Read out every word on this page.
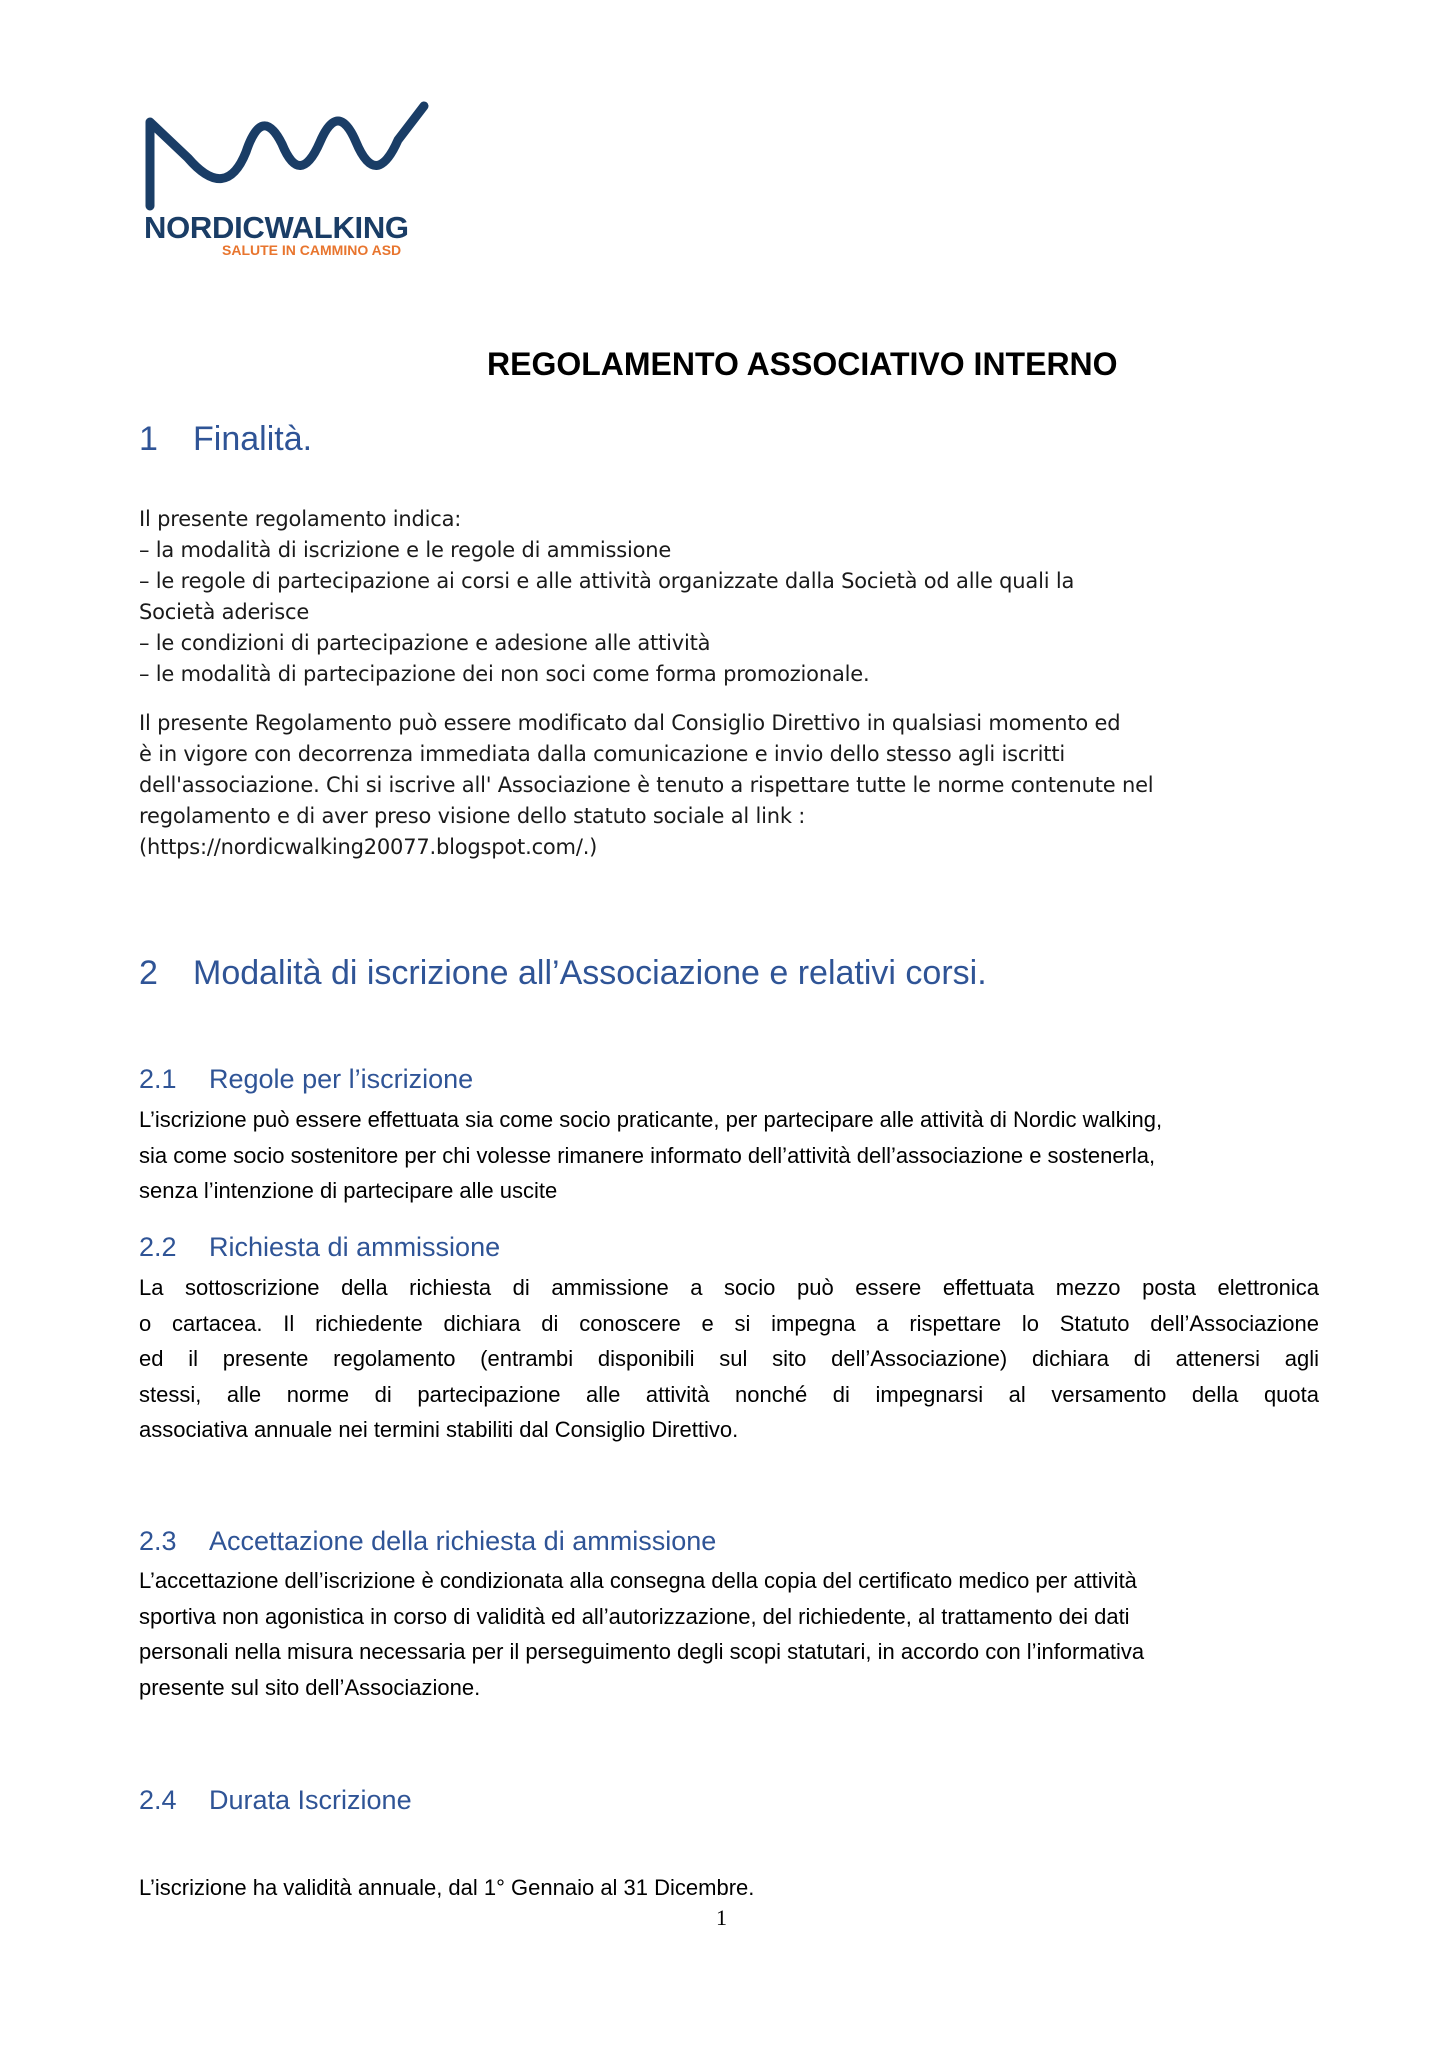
NORDICWALKING
SALUTE IN CAMMINO ASD
REGOLAMENTO ASSOCIATIVO INTERNO
1 Finalità.
Il presente regolamento indica:
– la modalità di iscrizione e le regole di ammissione
– le regole di partecipazione ai corsi e alle attività organizzate dalla Società od alle quali la
Società aderisce
– le condizioni di partecipazione e adesione alle attività
– le modalità di partecipazione dei non soci come forma promozionale.
Il presente Regolamento può essere modificato dal Consiglio Direttivo in qualsiasi momento ed
è in vigore con decorrenza immediata dalla comunicazione e invio dello stesso agli iscritti
dell'associazione. Chi si iscrive all' Associazione è tenuto a rispettare tutte le norme contenute nel
regolamento e di aver preso visione dello statuto sociale al link :
(https://nordicwalking20077.blogspot.com/.)
2 Modalità di iscrizione all’Associazione e relativi corsi.
2.1 Regole per l’iscrizione
L’iscrizione può essere effettuata sia come socio praticante, per partecipare alle attività di Nordic walking,
sia come socio sostenitore per chi volesse rimanere informato dell’attività dell’associazione e sostenerla,
senza l’intenzione di partecipare alle uscite
2.2 Richiesta di ammissione
La sottoscrizione della richiesta di ammissione a socio può essere effettuata mezzo posta elettronica
o cartacea. Il richiedente dichiara di conoscere e si impegna a rispettare lo Statuto dell’Associazione
ed il presente regolamento (entrambi disponibili sul sito dell’Associazione) dichiara di attenersi agli
stessi, alle norme di partecipazione alle attività nonché di impegnarsi al versamento della quota
associativa annuale nei termini stabiliti dal Consiglio Direttivo.
2.3 Accettazione della richiesta di ammissione
L’accettazione dell’iscrizione è condizionata alla consegna della copia del certificato medico per attività
sportiva non agonistica in corso di validità ed all’autorizzazione, del richiedente, al trattamento dei dati
personali nella misura necessaria per il perseguimento degli scopi statutari, in accordo con l’informativa
presente sul sito dell’Associazione.
2.4 Durata Iscrizione
L’iscrizione ha validità annuale, dal 1° Gennaio al 31 Dicembre.
1
